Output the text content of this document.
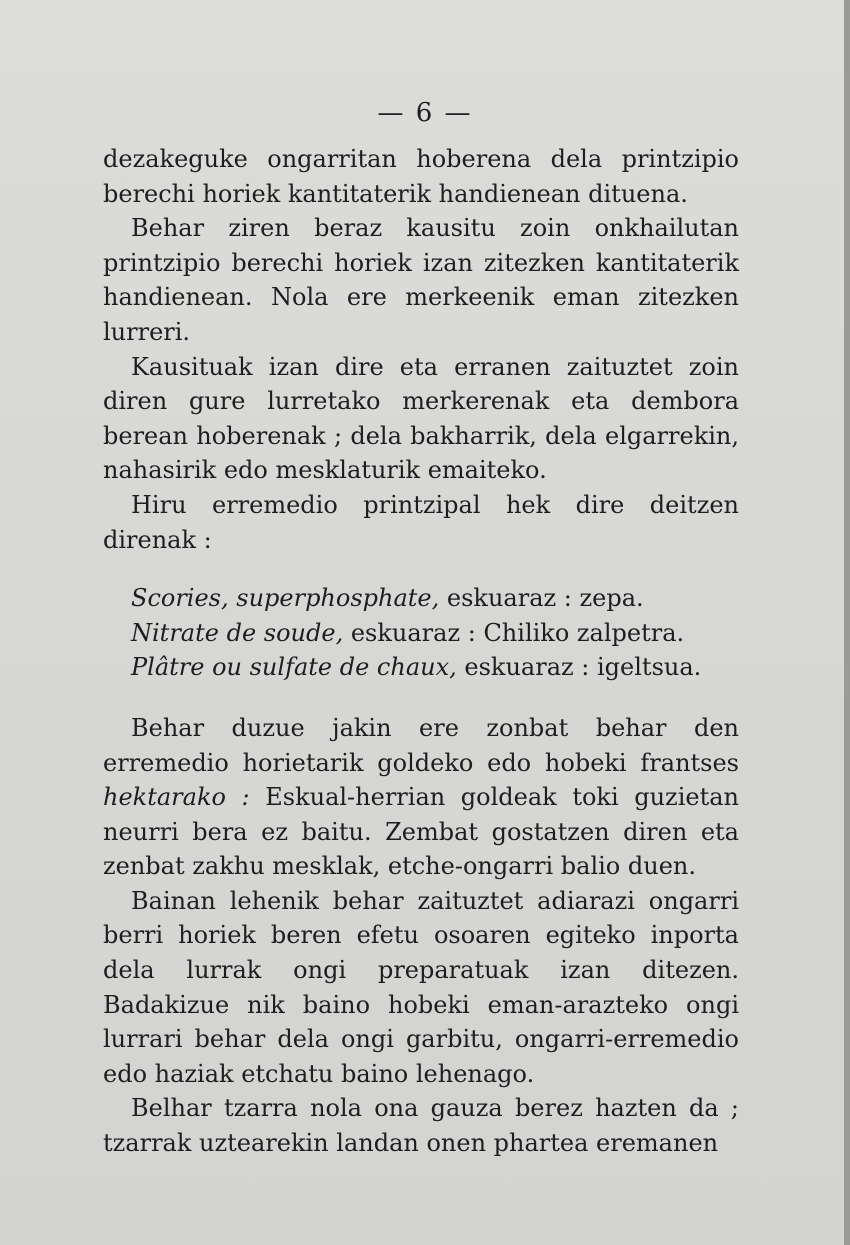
— 6 —

dezakeguke ongarritan hoberena dela printzipio berechi horiek kantitaterik handienean dituena.

Behar ziren beraz kausitu zoin onkhailutan printzipio berechi horiek izan zitezken kantitaterik handienean. Nola ere merkeenik eman zitezken lurreri.

Kausituak izan dire eta erranen zaituztet zoin diren gure lurretako merkerenak eta dembora berean hoberenak ; dela bakharrik, dela elgarrekin, nahasirik edo mesklaturik emaiteko.

Hiru erremedio printzipal hek dire deitzen direnak :

Scories, superphosphate, eskuaraz : zepa.
Nitrate de soude, eskuaraz : Chiliko zalpetra.
Plâtre ou sulfate de chaux, eskuaraz : igeltsua.

Behar duzue jakin ere zonbat behar den erremedio horietarik goldeko edo hobeki frantses hektarako : Eskual-herrian goldeak toki guzietan neurri bera ez baitu. Zembat gostatzen diren eta zenbat zakhu mesklak, etche-ongarri balio duen.

Bainan lehenik behar zaituztet adiarazi ongarri berri horiek beren efetu osoaren egiteko inporta dela lurrak ongi preparatuak izan ditezen. Badakizue nik baino hobeki eman-arazteko ongi lurrari behar dela ongi garbitu, ongarri-erremedio edo haziak etchatu baino lehenago.

Belhar tzarra nola ona gauza berez hazten da ; tzarrak uztearekin landan onen phartea eremanen
